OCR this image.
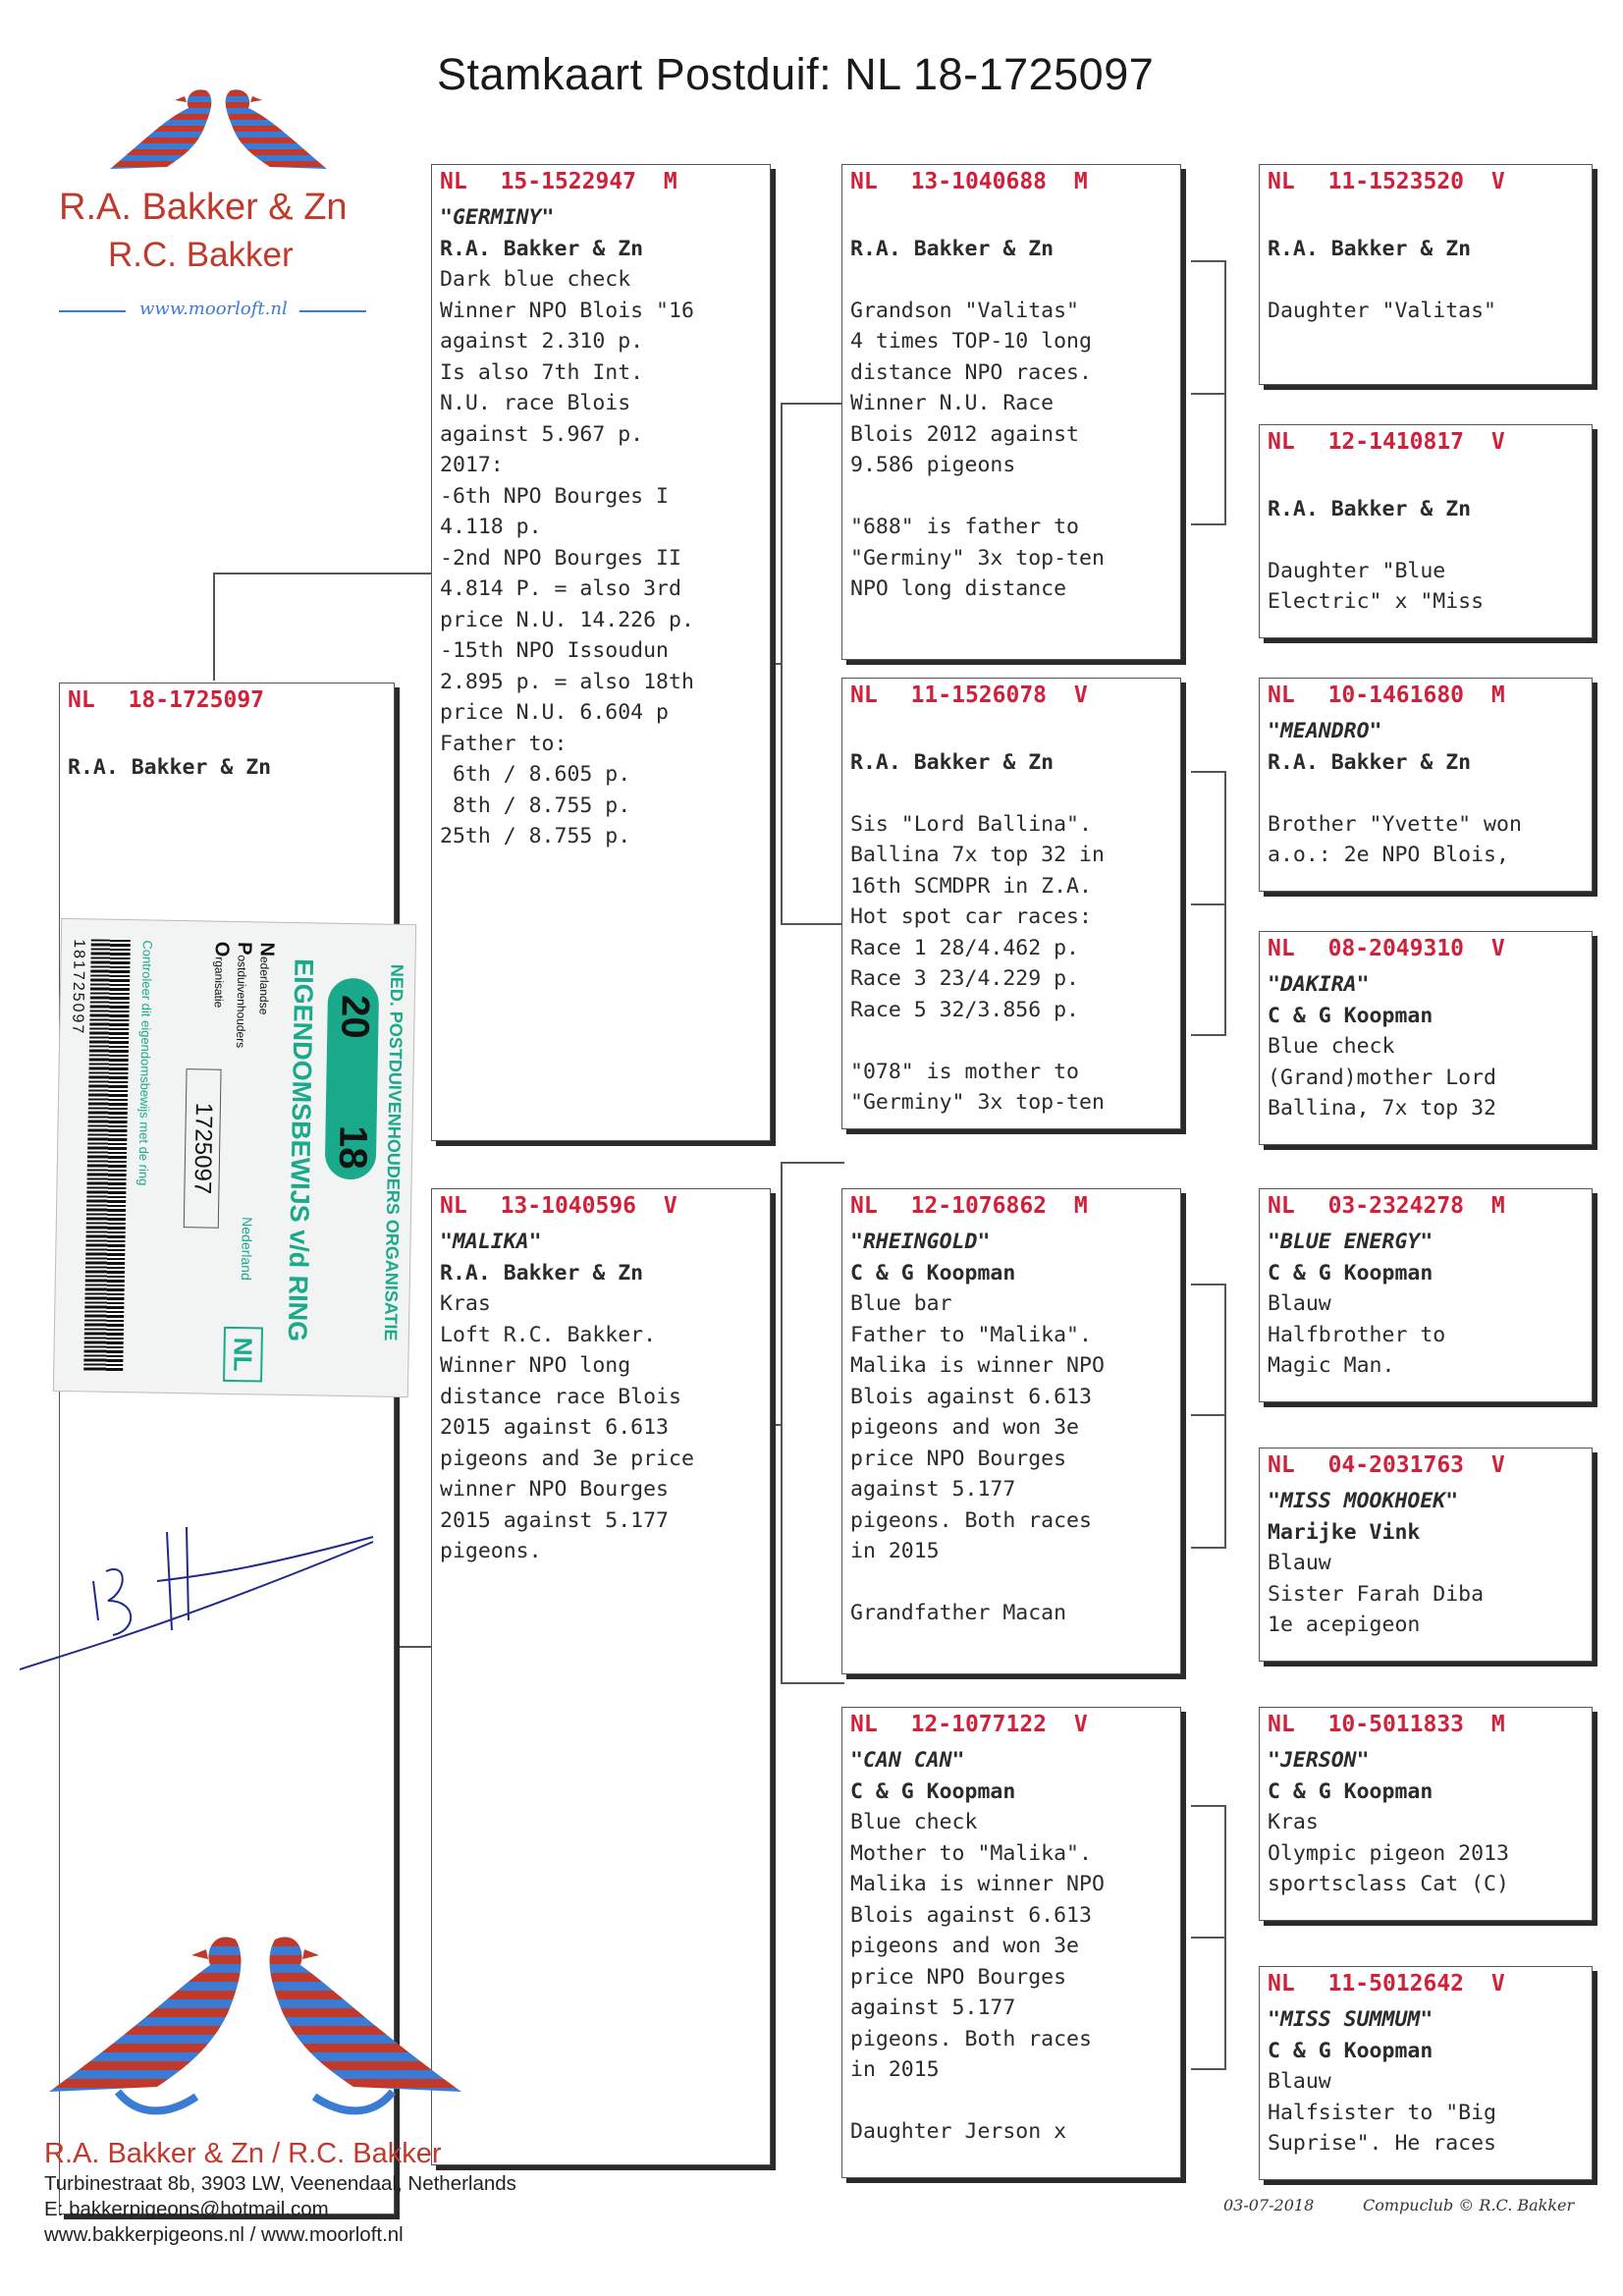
Stamkaart Postduif: NL 18-1725097
R.A. Bakker & Zn
R.C. Bakker
www.moorloft.nl
NL 18-1725097
R.A. Bakker & Zn
NL 15-1522947 M
"GERMINY"
R.A. Bakker & Zn
Dark blue check
Winner NPO Blois "16
against 2.310 p.
Is also 7th Int.
N.U. race Blois
against 5.967 p.
2017:
-6th NPO Bourges I
4.118 p.
-2nd NPO Bourges II
4.814 P. = also 3rd
price N.U. 14.226 p.
-15th NPO Issoudun
2.895 p. = also 18th
price N.U. 6.604 p
Father to:
6th / 8.605 p.
8th / 8.755 p.
25th / 8.755 p.
NL 13-1040596 V
"MALIKA"
R.A. Bakker & Zn
Kras
Loft R.C. Bakker.
Winner NPO long
distance race Blois
2015 against 6.613
pigeons and 3e price
winner NPO Bourges
2015 against 5.177
pigeons.
NL 13-1040688 M
R.A. Bakker & Zn
Grandson "Valitas"
4 times TOP-10 long
distance NPO races.
Winner N.U. Race
Blois 2012 against
9.586 pigeons
"688" is father to
"Germiny" 3x top-ten
NPO long distance
NL 11-1526078 V
R.A. Bakker & Zn
Sis "Lord Ballina".
Ballina 7x top 32 in
16th SCMDPR in Z.A.
Hot spot car races:
Race 1 28/4.462 p.
Race 3 23/4.229 p.
Race 5 32/3.856 p.
"078" is mother to
"Germiny" 3x top-ten
NL 12-1076862 M
"RHEINGOLD"
C & G Koopman
Blue bar
Father to "Malika".
Malika is winner NPO
Blois against 6.613
pigeons and won 3e
price NPO Bourges
against 5.177
pigeons. Both races
in 2015
Grandfather Macan
NL 12-1077122 V
"CAN CAN"
C & G Koopman
Blue check
Mother to "Malika".
Malika is winner NPO
Blois against 6.613
pigeons and won 3e
price NPO Bourges
against 5.177
pigeons. Both races
in 2015
Daughter Jerson x
NL 11-1523520 V
R.A. Bakker & Zn
Daughter "Valitas"
NL 12-1410817 V
R.A. Bakker & Zn
Daughter "Blue
Electric" x "Miss
NL 10-1461680 M
"MEANDRO"
R.A. Bakker & Zn
Brother "Yvette" won
a.o.: 2e NPO Blois,
NL 08-2049310 V
"DAKIRA"
C & G Koopman
Blue check
(Grand)mother Lord
Ballina, 7x top 32
NL 03-2324278 M
"BLUE ENERGY"
C & G Koopman
Blauw
Halfbrother to
Magic Man.
NL 04-2031763 V
"MISS MOOKHOEK"
Marijke Vink
Blauw
Sister Farah Diba
1e acepigeon
NL 10-5011833 M
"JERSON"
C & G Koopman
Kras
Olympic pigeon 2013
sportsclass Cat (C)
NL 11-5012642 V
"MISS SUMMUM"
C & G Koopman
Blauw
Halfsister to "Big
Suprise". He races
NED. POSTDUIVENHOUDERS ORGANISATIE
EIGENDOMSBEWIJS v/d RING 20
18
NL
1725097
Nederland
Controleer dit eigendomsbewijs met de ring	Nederlandse
Postduivenhouders
Organisatie
181725097
R.A. Bakker & Zn / R.C. Bakker
Turbinestraat 8b, 3903 LW, Veenendaal, Netherlands
E: bakkerpigeons@hotmail.com
www.bakkerpigeons.nl / www.moorloft.nl
03-07-2018	Compuclub © R.C. Bakker
